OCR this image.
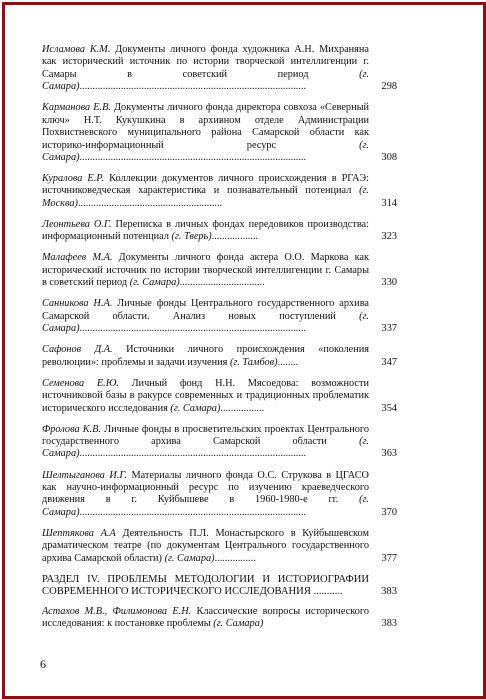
Исламова К.М. Документы личного фонда художника А.Н. Михраняна как исторический источник по истории творческой интеллигенции г. Самары в советский период (г. Самара)........................................................................................	298
Карманова Е.В. Документы личного фонда директора совхоза «Северный ключ» Н.Т. Кукушкина в архивном отделе Администрации Похвистневского муниципального района Самарской области как историко-информационный ресурс (г. Самара)........................................................................................	308
Куралова Е.Р. Коллекции документов личного происхождения в РГАЭ: источниковедческая характеристика и познавательный потенциал (г. Москва)........................................................	314
Леонтьева О.Г. Переписка в личных фондах передовиков производства: информационный потенциал (г. Тверь)..................	323
Малафеев М.А. Документы личного фонда актера О.О. Маркова как исторический источник по истории творческой интеллигенции г. Самары в советский период (г. Самара).................................	330
Санникова Н.А. Личные фонды Центрального государственного архива Самарской области. Анализ новых поступлений (г. Самара)........................................................................................	337
Сафонов Д.А. Источники личного происхождения «поколения революции»: проблемы и задачи изучения (г. Тамбов)........	347
Семенова Е.Ю. Личный фонд Н.Н. Мясоедова: возможности источниковой базы в ракурсе современных и традиционных проблематик исторического исследования (г. Самара).................	354
Фролова К.В. Личные фонды в просветительских проектах Центрального государственного архива Самарской области (г. Самара)........................................................................................	363
Шелтыганова И.Г. Материалы личного фонда О.С. Струкова в ЦГАСО как научно-информационный ресурс по изучению краеведческого движения в г. Куйбышеве в 1960-1980-е гг. (г. Самара)........................................................................................	370
Шептякова А.А Деятельность П.Л. Монастырского в Куйбышевском драматическом театре (по документам Центрального государственного архива Самарской области) (г. Самара)................	377
РАЗДЕЛ IV. ПРОБЛЕМЫ МЕТОДОЛОГИИ И ИСТОРИОГРАФИИ СОВРЕМЕННОГО ИСТОРИЧЕСКОГО ИССЛЕДОВАНИЯ ...........	383
Астахов М.В., Филимонова Е.Н. Классические вопросы исторического исследования: к постановке проблемы (г. Самара)	383
6
